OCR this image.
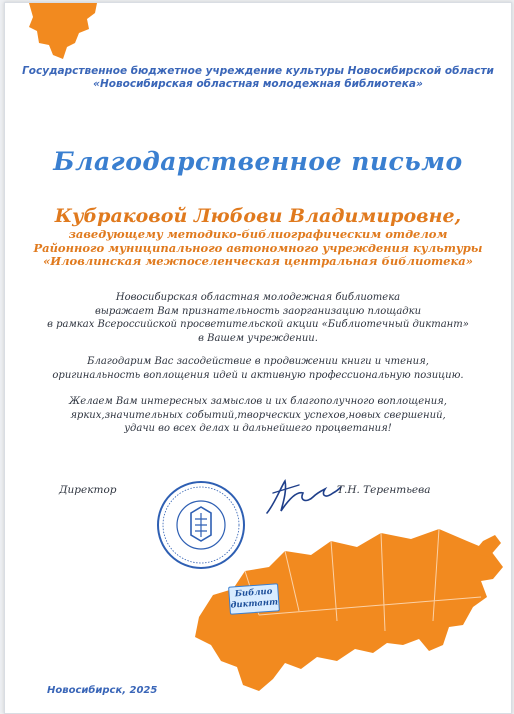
Государственное бюджетное учреждение культуры Новосибирской области
«Новосибирская областная молодежная библиотека»
Благодарственное письмо
Кубраковой Любови Владимировне,
заведующему методико-библиографическим отделом
Районного муниципального автономного учреждения культуры
«Иловлинская межпоселенческая центральная библиотека»
Новосибирская областная молодежная библиотека
выражает Вам признательность заорганизацию площадки
в рамках Всероссийской просветительской акции «Библиотечный диктант»
в Вашем учреждении.
Благодарим Вас засодействие в продвижении книги и чтения,
оригинальность воплощения идей и активную профессиональную позицию.
Желаем Вам интересных замыслов и их благополучного воплощения,
ярких,значительных событий,творческих успехов,новых свершений,
удачи во всех делах и дальнейшего процветания!
Библио
диктант
Директор	Т.Н. Терентьева
Новосибирск, 2025
